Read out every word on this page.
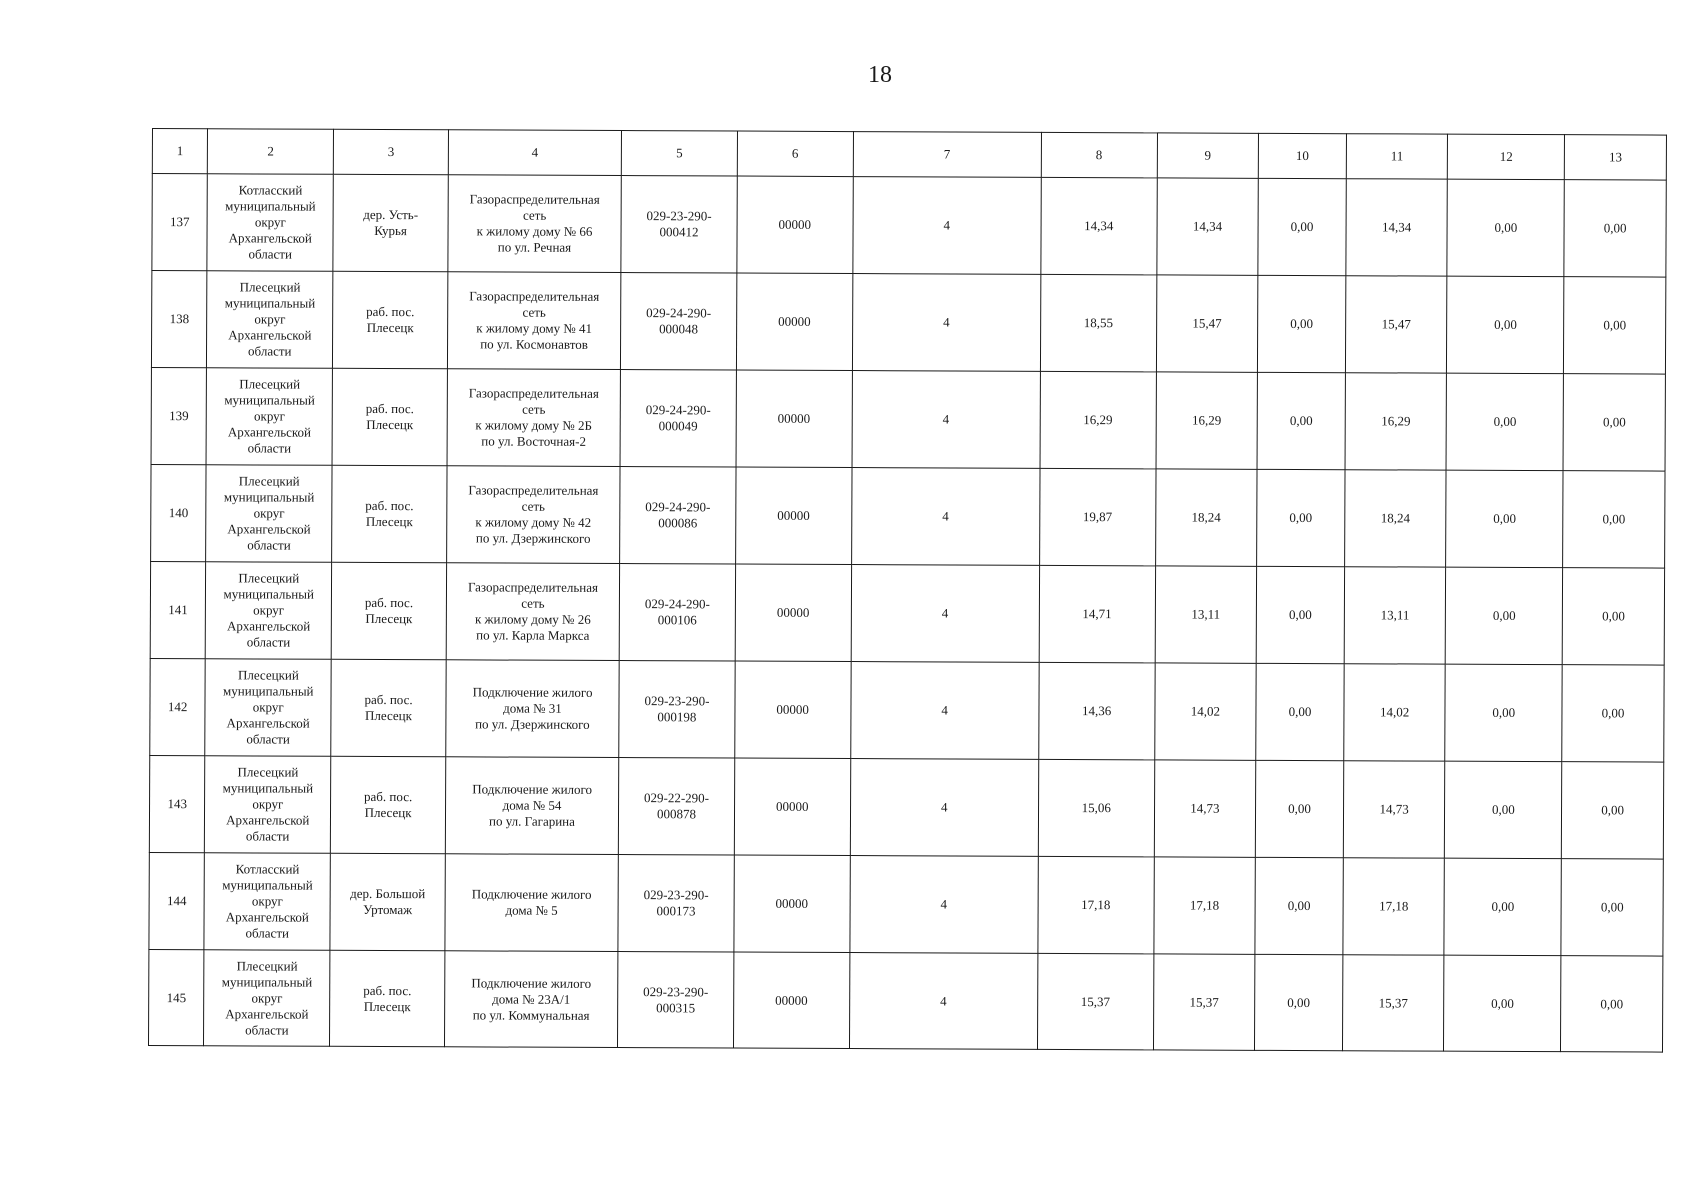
18
1	2	3	4	5	6	7	8	9	10	11	12	13
137	Котласский
муниципальный
округ
Архангельской
области	дер. Усть-
Курья	Газораспределительная
сеть
к жилому дому № 66
по ул. Речная	029-23-290-
000412	00000	4	14,34	14,34	0,00	14,34	0,00	0,00
138	Плесецкий
муниципальный
округ
Архангельской
области	раб. пос.
Плесецк	Газораспределительная
сеть
к жилому дому № 41
по ул. Космонавтов	029-24-290-
000048	00000	4	18,55	15,47	0,00	15,47	0,00	0,00
139	Плесецкий
муниципальный
округ
Архангельской
области	раб. пос.
Плесецк	Газораспределительная
сеть
к жилому дому № 2Б
по ул. Восточная-2	029-24-290-
000049	00000	4	16,29	16,29	0,00	16,29	0,00	0,00
140	Плесецкий
муниципальный
округ
Архангельской
области	раб. пос.
Плесецк	Газораспределительная
сеть
к жилому дому № 42
по ул. Дзержинского	029-24-290-
000086	00000	4	19,87	18,24	0,00	18,24	0,00	0,00
141	Плесецкий
муниципальный
округ
Архангельской
области	раб. пос.
Плесецк	Газораспределительная
сеть
к жилому дому № 26
по ул. Карла Маркса	029-24-290-
000106	00000	4	14,71	13,11	0,00	13,11	0,00	0,00
142	Плесецкий
муниципальный
округ
Архангельской
области	раб. пос.
Плесецк	Подключение жилого
дома № 31
по ул. Дзержинского	029-23-290-
000198	00000	4	14,36	14,02	0,00	14,02	0,00	0,00
143	Плесецкий
муниципальный
округ
Архангельской
области	раб. пос.
Плесецк	Подключение жилого
дома № 54
по ул. Гагарина	029-22-290-
000878	00000	4	15,06	14,73	0,00	14,73	0,00	0,00
144	Котласский
муниципальный
округ
Архангельской
области	дер. Большой
Уртомаж	Подключение жилого
дома № 5	029-23-290-
000173	00000	4	17,18	17,18	0,00	17,18	0,00	0,00
145	Плесецкий
муниципальный
округ
Архангельской
области	раб. пос.
Плесецк	Подключение жилого
дома № 23А/1
по ул. Коммунальная	029-23-290-
000315	00000	4	15,37	15,37	0,00	15,37	0,00	0,00
